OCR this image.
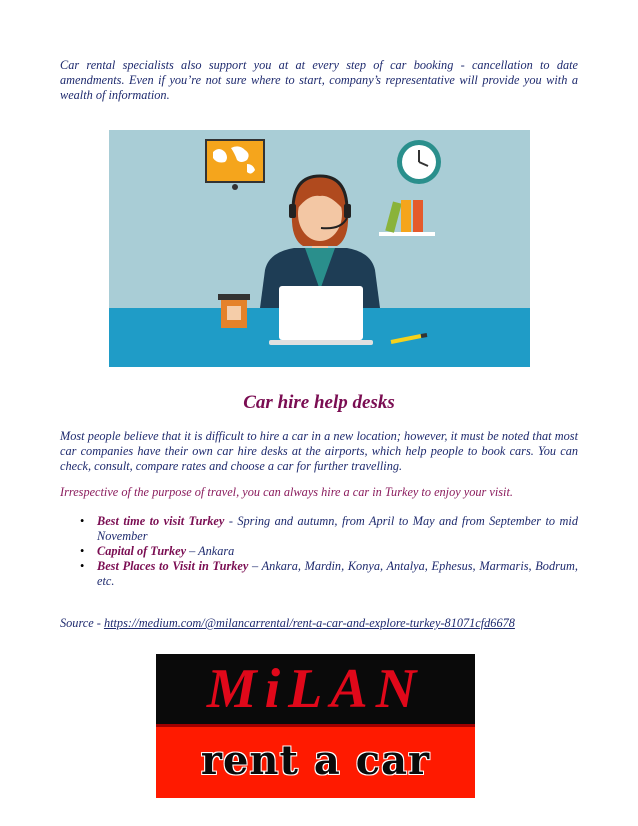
Car rental specialists also support you at at every step of car booking - cancellation to date amendments. Even if you’re not sure where to start, company’s representative will provide you with a wealth of information.

Car hire help desks

Most people believe that it is difficult to hire a car in a new location; however, it must be noted that most car companies have their own car hire desks at the airports, which help people to book cars. You can check, consult, compare rates and choose a car for further travelling.

Irrespective of the purpose of travel, you can always hire a car in Turkey to enjoy your visit.

• Best time to visit Turkey - Spring and autumn, from April to May and from September to mid November
• Capital of Turkey – Ankara
• Best Places to Visit in Turkey – Ankara, Mardin, Konya, Antalya, Ephesus, Marmaris, Bodrum, etc.
Source - https://medium.com/@milancarrental/rent-a-car-and-explore-turkey-81071cfd6678
MiLAN
rent a car
